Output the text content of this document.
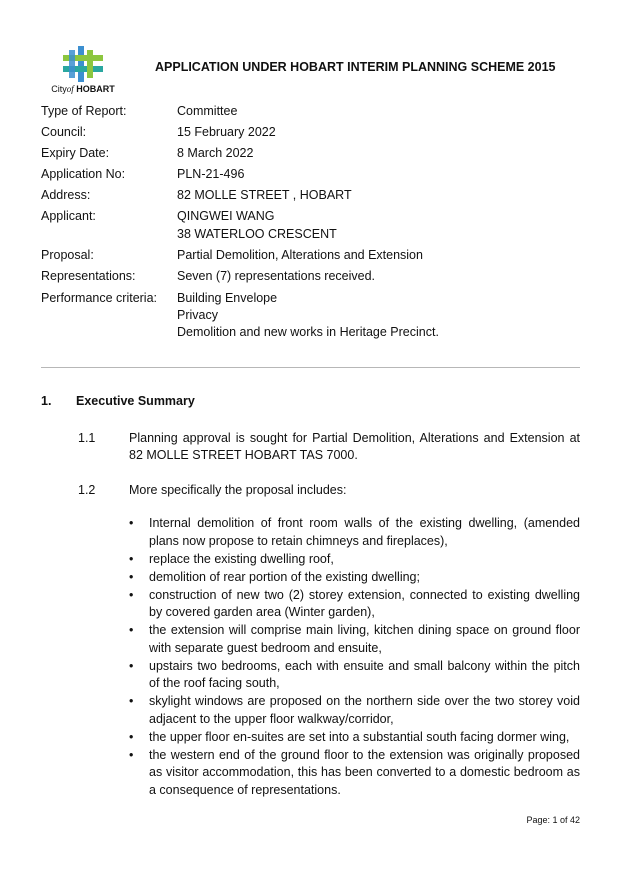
Cityof HOBART
APPLICATION UNDER HOBART INTERIM PLANNING SCHEME 2015
Type of Report:	Committee
Council:	15 February 2022
Expiry Date:	8 March 2022
Application No:	PLN-21-496
Address:	82 MOLLE STREET , HOBART
Applicant:	QINGWEI WANG
38 WATERLOO CRESCENT
Proposal:	Partial Demolition, Alterations and Extension
Representations:	Seven (7) representations received.
Performance criteria:	Building Envelope
Privacy
Demolition and new works in Heritage Precinct.
1. Executive Summary
1.1	Planning approval is sought for Partial Demolition, Alterations and Extension at 82 MOLLE STREET HOBART TAS 7000.
1.2	More specifically the proposal includes:
• Internal demolition of front room walls of the existing dwelling, (amended plans now propose to retain chimneys and fireplaces),
• replace the existing dwelling roof,
• demolition of rear portion of the existing dwelling;
• construction of new two (2) storey extension, connected to existing dwelling by covered garden area (Winter garden),
• the extension will comprise main living, kitchen dining space on ground floor with separate guest bedroom and ensuite,
• upstairs two bedrooms, each with ensuite and small balcony within the pitch of the roof facing south,
• skylight windows are proposed on the northern side over the two storey void adjacent to the upper floor walkway/corridor,
• the upper floor en-suites are set into a substantial south facing dormer wing,
• the western end of the ground floor to the extension was originally proposed as visitor accommodation, this has been converted to a domestic bedroom as a consequence of representations.
Page: 1 of 42
